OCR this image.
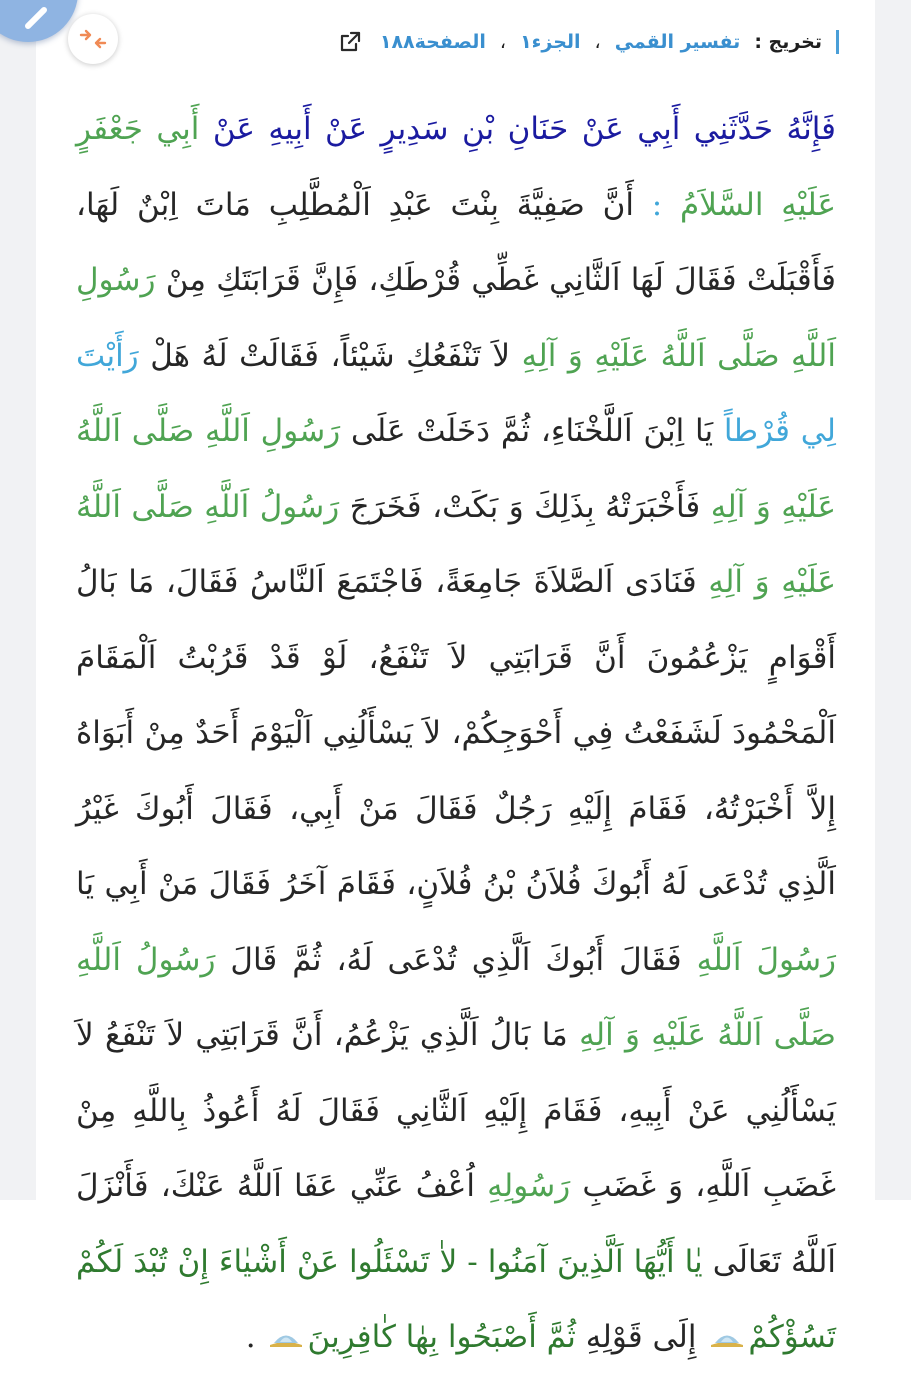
تخريج :
تفسير القمي
،
الجزء١
،
الصفحة١٨٨
فَإِنَّهُ حَدَّثَنِي أَبِي عَنْ حَنَانِ بْنِ سَدِيرٍ عَنْ أَبِيهِ عَنْ أَبِي جَعْفَرٍ عَلَيْهِ السَّلاَمُ : أَنَّ صَفِيَّةَ بِنْتَ عَبْدِ اَلْمُطَّلِبِ مَاتَ اِبْنٌ لَهَا، فَأَقْبَلَتْ فَقَالَ لَهَا اَلثَّانِي غَطِّي قُرْطَكِ، فَإِنَّ قَرَابَتَكِ مِنْ رَسُولِ اَللَّهِ صَلَّى اَللَّهُ عَلَيْهِ وَ آلِهِ لاَ تَنْفَعُكِ شَيْئاً، فَقَالَتْ لَهُ هَلْ رَأَيْتَ لِي قُرْطاً يَا اِبْنَ اَللَّخْنَاءِ، ثُمَّ دَخَلَتْ عَلَى رَسُولِ اَللَّهِ صَلَّى اَللَّهُ عَلَيْهِ وَ آلِهِ فَأَخْبَرَتْهُ بِذَلِكَ وَ بَكَتْ، فَخَرَجَ رَسُولُ اَللَّهِ صَلَّى اَللَّهُ عَلَيْهِ وَ آلِهِ فَنَادَى اَلصَّلاَةَ جَامِعَةً، فَاجْتَمَعَ اَلنَّاسُ فَقَالَ، مَا بَالُ أَقْوَامٍ يَزْعُمُونَ أَنَّ قَرَابَتِي لاَ تَنْفَعُ، لَوْ قَدْ قَرُبْتُ اَلْمَقَامَ اَلْمَحْمُودَ لَشَفَعْتُ فِي أَحْوَجِكُمْ، لاَ يَسْأَلُنِي اَلْيَوْمَ أَحَدٌ مِنْ أَبَوَاهُ إِلاَّ أَخْبَرْتُهُ، فَقَامَ إِلَيْهِ رَجُلٌ فَقَالَ مَنْ أَبِي، فَقَالَ أَبُوكَ غَيْرُ اَلَّذِي تُدْعَى لَهُ أَبُوكَ فُلاَنُ بْنُ فُلاَنٍ، فَقَامَ آخَرُ فَقَالَ مَنْ أَبِي يَا رَسُولَ اَللَّهِ فَقَالَ أَبُوكَ اَلَّذِي تُدْعَى لَهُ، ثُمَّ قَالَ رَسُولُ اَللَّهِ صَلَّى اَللَّهُ عَلَيْهِ وَ آلِهِ مَا بَالُ اَلَّذِي يَزْعُمُ، أَنَّ قَرَابَتِي لاَ تَنْفَعُ لاَ يَسْأَلُنِي عَنْ أَبِيهِ، فَقَامَ إِلَيْهِ اَلثَّانِي فَقَالَ لَهُ أَعُوذُ بِاللَّهِ مِنْ غَضَبِ اَللَّهِ، وَ غَضَبِ رَسُولِهِ اُعْفُ عَنِّي عَفَا اَللَّهُ عَنْكَ، فَأَنْزَلَ اَللَّهُ تَعَالَى يٰا أَيُّهَا اَلَّذِينَ آمَنُوا - لاٰ تَسْئَلُوا عَنْ أَشْيٰاءَ إِنْ تُبْدَ لَكُمْ تَسُؤْكُمْ إِلَى قَوْلِهِ ثُمَّ أَصْبَحُوا بِهٰا كٰافِرِينَ .
